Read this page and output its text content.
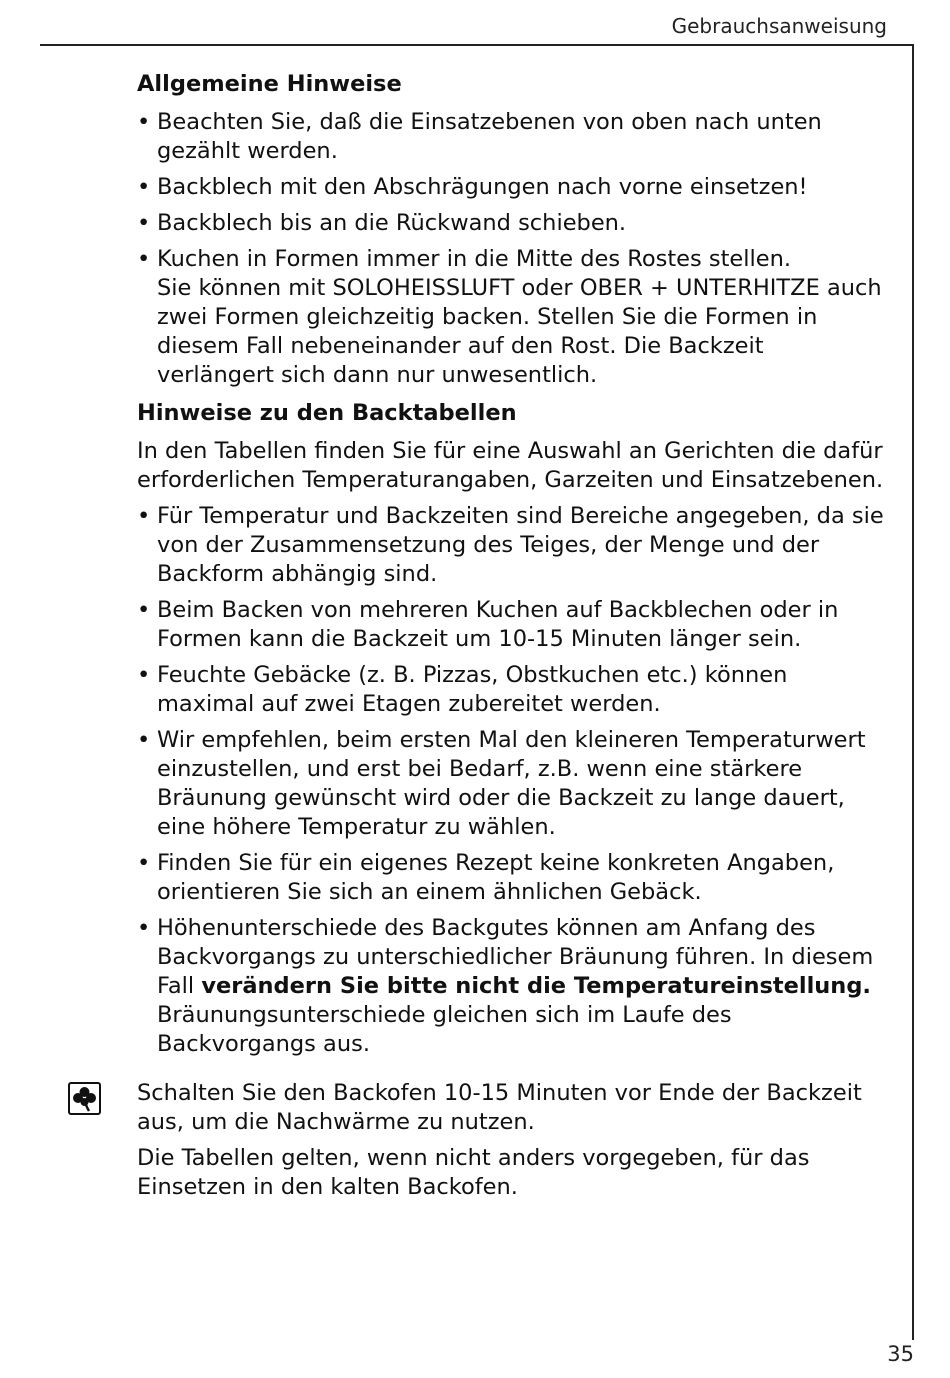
Gebrauchsanweisung
Allgemeine Hinweise
• Beachten Sie, daß die Einsatzebenen von oben nach unten gezählt werden.
• Backblech mit den Abschrägungen nach vorne einsetzen!
• Backblech bis an die Rückwand schieben.
• Kuchen in Formen immer in die Mitte des Rostes stellen.
Sie können mit SOLOHEISSLUFT oder OBER + UNTERHITZE auch zwei Formen gleichzeitig backen. Stellen Sie die Formen in diesem Fall nebeneinander auf den Rost. Die Backzeit verlängert sich dann nur unwesentlich.
Hinweise zu den Backtabellen

In den Tabellen finden Sie für eine Auswahl an Gerichten die dafür erforderlichen Temperaturangaben, Garzeiten und Einsatzebenen.

• Für Temperatur und Backzeiten sind Bereiche angegeben, da sie von der Zusammensetzung des Teiges, der Menge und der Backform abhängig sind.
• Beim Backen von mehreren Kuchen auf Backblechen oder in Formen kann die Backzeit um 10-15 Minuten länger sein.
• Feuchte Gebäcke (z. B. Pizzas, Obstkuchen etc.) können maximal auf zwei Etagen zubereitet werden.
• Wir empfehlen, beim ersten Mal den kleineren Temperaturwert einzustellen, und erst bei Bedarf, z.B. wenn eine stärkere Bräunung gewünscht wird oder die Backzeit zu lange dauert, eine höhere Temperatur zu wählen.
• Finden Sie für ein eigenes Rezept keine konkreten Angaben, orientieren Sie sich an einem ähnlichen Gebäck.
• Höhenunterschiede des Backgutes können am Anfang des Backvorgangs zu unterschiedlicher Bräunung führen. In diesem Fall verändern Sie bitte nicht die Temperatureinstellung. Bräunungsunterschiede gleichen sich im Laufe des Backvorgangs aus.

Schalten Sie den Backofen 10-15 Minuten vor Ende der Backzeit aus, um die Nachwärme zu nutzen.

Die Tabellen gelten, wenn nicht anders vorgegeben, für das Einsetzen in den kalten Backofen.

35
